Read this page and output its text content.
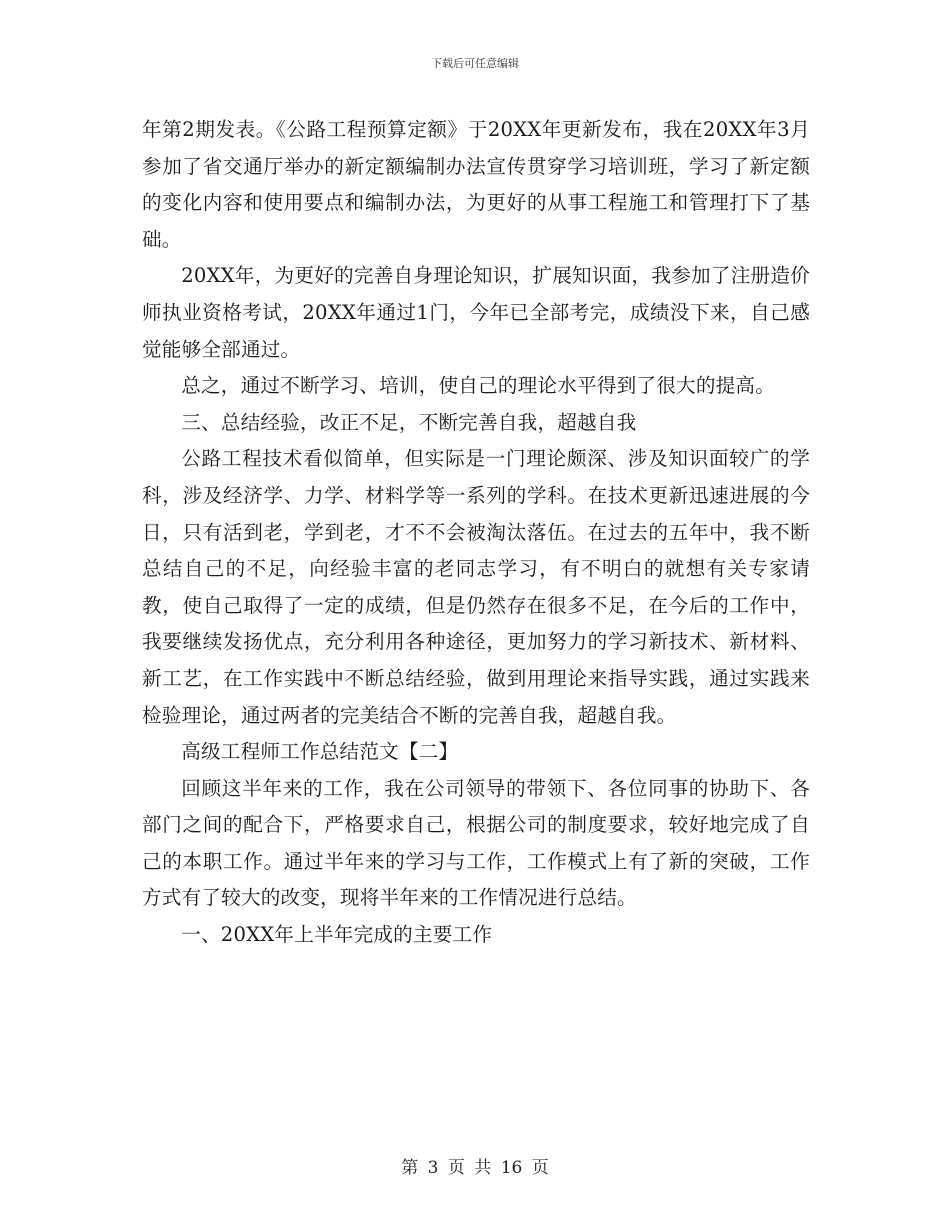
下载后可任意编辑

年第2期发表。《公路工程预算定额》于20XX年更新发布，我在20XX年3月参加了省交通厅举办的新定额编制办法宣传贯穿学习培训班，学习了新定额的变化内容和使用要点和编制办法，为更好的从事工程施工和管理打下了基础。

20XX年，为更好的完善自身理论知识，扩展知识面，我参加了注册造价师执业资格考试，20XX年通过1门，今年已全部考完，成绩没下来，自己感觉能够全部通过。

总之，通过不断学习、培训，使自己的理论水平得到了很大的提高。

三、总结经验，改正不足，不断完善自我，超越自我

公路工程技术看似简单，但实际是一门理论颇深、涉及知识面较广的学科，涉及经济学、力学、材料学等一系列的学科。在技术更新迅速进展的今日，只有活到老，学到老，才不不会被淘汰落伍。在过去的五年中，我不断总结自己的不足，向经验丰富的老同志学习，有不明白的就想有关专家请教，使自己取得了一定的成绩，但是仍然存在很多不足，在今后的工作中，我要继续发扬优点，充分利用各种途径，更加努力的学习新技术、新材料、新工艺，在工作实践中不断总结经验，做到用理论来指导实践，通过实践来检验理论，通过两者的完美结合不断的完善自我，超越自我。

高级工程师工作总结范文【二】

回顾这半年来的工作，我在公司领导的带领下、各位同事的协助下、各部门之间的配合下，严格要求自己，根据公司的制度要求，较好地完成了自己的本职工作。通过半年来的学习与工作，工作模式上有了新的突破，工作方式有了较大的改变，现将半年来的工作情况进行总结。

一、20XX年上半年完成的主要工作

第 3 页 共 16 页
